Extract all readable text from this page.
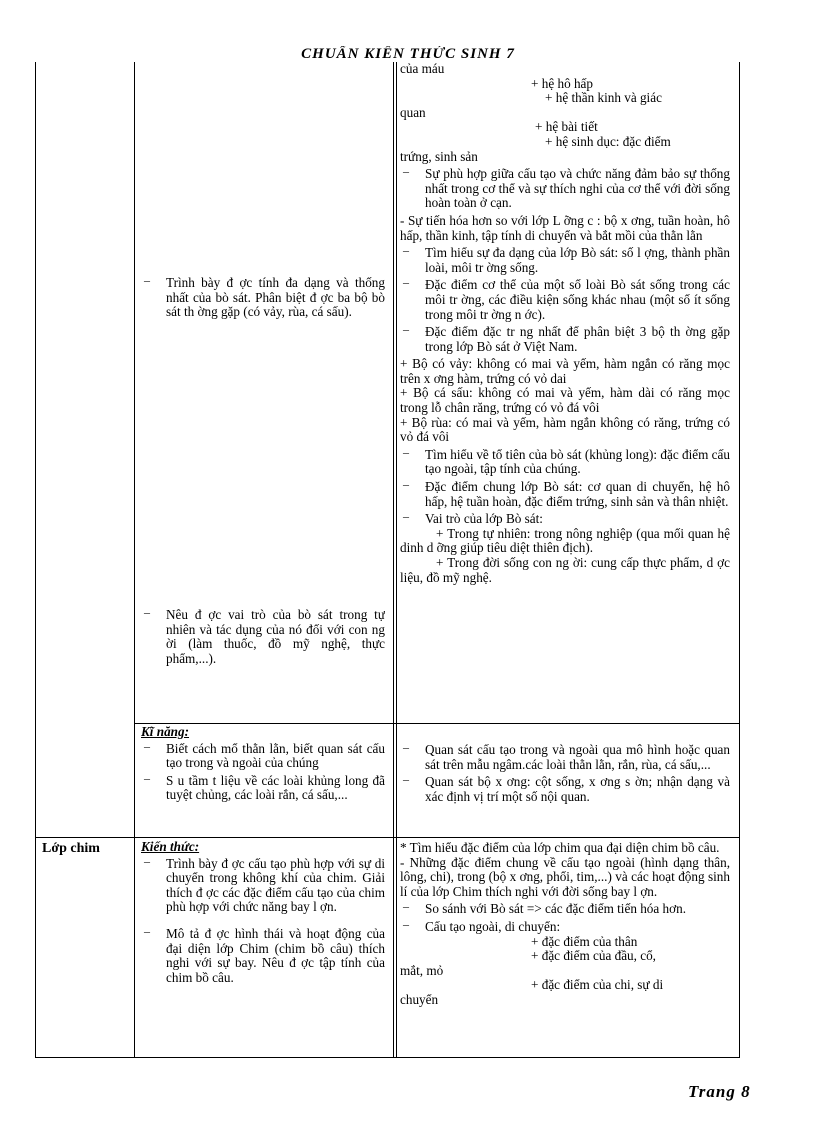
CHUẨN KIẾN THỨC SINH 7
– Trình bày đ ợc tính đa dạng và thống nhất của bò sát. Phân biệt đ ợc ba bộ bò sát th ờng gặp (có vảy, rùa, cá sấu).
– Nêu đ ợc vai trò của bò sát trong tự nhiên và tác dụng của nó đối với con ng ời (làm thuốc, đồ mỹ nghệ, thực phẩm,...).
của máu
+ hệ hô hấp
+ hệ thần kinh và giác
quan
+ hệ bài tiết
+ hệ sinh dục: đặc điểm
trứng, sinh sản
– Sự phù hợp giữa cấu tạo và chức năng đảm bảo sự thống nhất trong cơ thể và sự thích nghi của cơ thể với đời sống hoàn toàn ở cạn.
- Sự tiến hóa hơn so với lớp L ỡng c : bộ x ơng, tuần hoàn, hô hấp, thần kinh, tập tính di chuyển và bắt mồi của thằn lằn
– Tìm hiểu sự đa dạng của lớp Bò sát: số l ợng, thành phần loài, môi tr ờng sống.
– Đặc điểm cơ thể của một số loài Bò sát sống trong các môi tr ờng, các điều kiện sống khác nhau (một số ít sống trong môi tr ờng n ớc).
– Đặc điểm đặc tr ng nhất để phân biệt 3 bộ th ờng gặp trong lớp Bò sát ở Việt Nam.
+ Bộ có vảy: không có mai và yếm, hàm ngắn có răng mọc trên x ơng hàm, trứng có vỏ dai
+ Bộ cá sấu: không có mai và yếm, hàm dài có răng mọc trong lỗ chân răng, trứng có vỏ đá vôi
+ Bộ rùa: có mai và yếm, hàm ngắn không có răng, trứng có vỏ đá vôi
– Tìm hiểu về tổ tiên của bò sát (khủng long): đặc điểm cấu tạo ngoài, tập tính của chúng.
– Đặc điểm chung lớp Bò sát: cơ quan di chuyển, hệ hô hấp, hệ tuần hoàn, đặc điểm trứng, sinh sản và thân nhiệt.
– Vai trò của lớp Bò sát:
+ Trong tự nhiên: trong nông nghiệp (qua mối quan hệ dinh d ỡng giúp tiêu diệt thiên địch).
+ Trong đời sống con ng ời: cung cấp thực phẩm, d ợc liệu, đồ mỹ nghệ.
Kĩ năng:
– Biết cách mổ thằn lằn, biết quan sát cấu tạo trong và ngoài của chúng
– S u tầm t liệu về các loài khủng long đã tuyệt chủng, các loài rắn, cá sấu,...
– Quan sát cấu tạo trong và ngoài qua mô hình hoặc quan sát trên mẫu ngâm.các loài thằn lằn, rắn, rùa, cá sấu,...
– Quan sát bộ x ơng: cột sống, x ơng s ờn; nhận dạng và xác định vị trí một số nội quan.
Lớp chim	Kiến thức:
– Trình bày đ ợc cấu tạo phù hợp với sự di chuyển trong không khí của chim. Giải thích đ ợc các đặc điểm cấu tạo của chim phù hợp với chức năng bay l ợn.
– Mô tả đ ợc hình thái và hoạt động của đại diện lớp Chim (chim bồ câu) thích nghi với sự bay. Nêu đ ợc tập tính của chim bồ câu.
* Tìm hiểu đặc điểm của lớp chim qua đại diện chim bồ câu.
- Những đặc điểm chung về cấu tạo ngoài (hình dạng thân, lông, chi), trong (bộ x ơng, phổi, tim,...) và các hoạt động sinh lí của lớp Chim thích nghi với đời sống bay l ợn.
– So sánh với Bò sát => các đặc điểm tiến hóa hơn.
– Cấu tạo ngoài, di chuyển:
+ đặc điểm của thân
+ đặc điểm của đầu, cổ,
mắt, mỏ
+ đặc điểm của chi, sự di
chuyển
Trang 8
